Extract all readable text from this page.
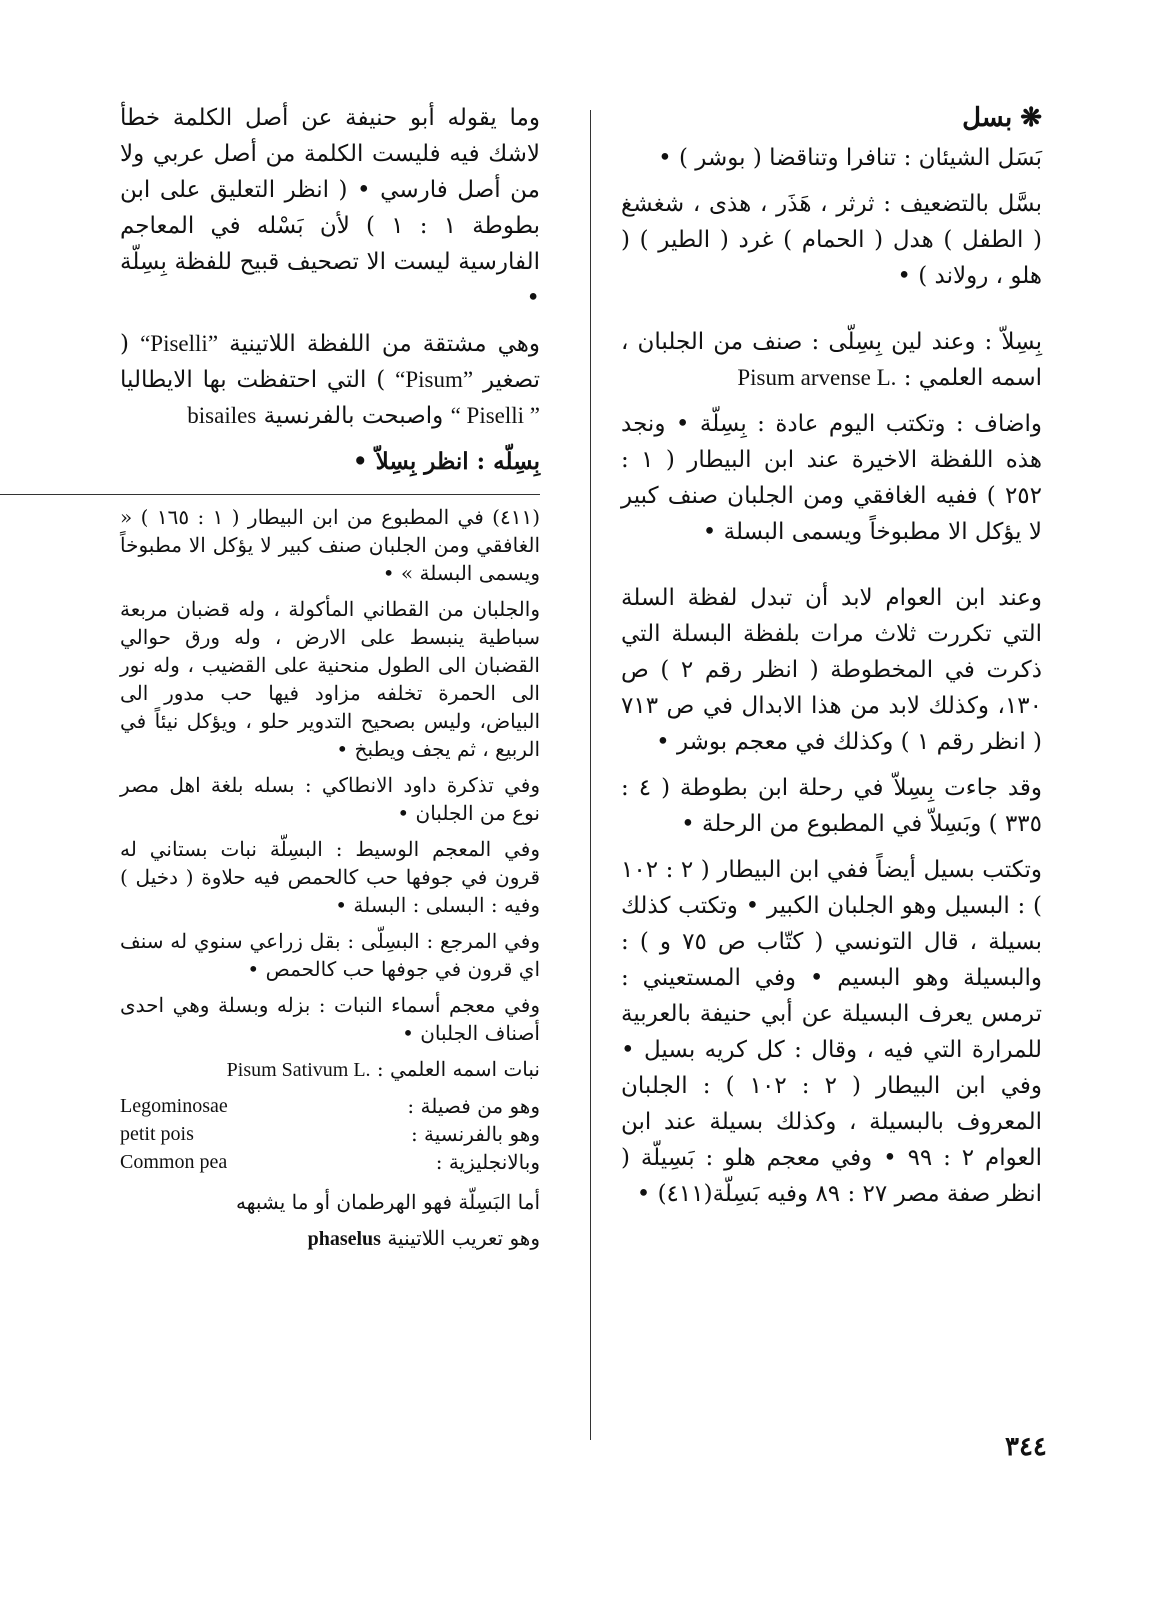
❋بسل

بَسَل الشيئان : تنافرا وتناقضا ( بوشر ) •

بسَّل بالتضعيف : ثرثر ، هَذَر ، هذى ، شغشغ ( الطفل ) هدل ( الحمام ) غرد ( الطير ) ( هلو ، رولاند ) •

بِسِلاّ : وعند لين بِسِلّى : صنف من الجلبان ، اسمه العلمي : Pisum arvense L.

واضاف : وتكتب اليوم عادة : بِسِلّة • ونجد هذه اللفظة الاخيرة عند ابن البيطار ( ١ : ٢٥٢ ) ففيه الغافقي ومن الجلبان صنف كبير لا يؤكل الا مطبوخاً ويسمى البسلة •

وعند ابن العوام لابد أن تبدل لفظة السلة التي تكررت ثلاث مرات بلفظة البسلة التي ذكرت في المخطوطة ( انظر رقم ٢ ) ص ١٣٠، وكذلك لابد من هذا الابدال في ص ٧١٣ ( انظر رقم ١ ) وكذلك في معجم بوشر •

وقد جاءت بِسِلاّ في رحلة ابن بطوطة ( ٤ : ٣٣٥ ) وبَسِلاّ في المطبوع من الرحلة •

وتكتب بسيل أيضاً ففي ابن البيطار ( ٢ : ١٠٢ ) : البسيل وهو الجلبان الكبير • وتكتب كذلك بسيلة ، قال التونسي ( كتّاب ص ٧٥ و ) : والبسيلة وهو البسيم • وفي المستعيني : ترمس يعرف البسيلة عن أبي حنيفة بالعربية للمرارة التي فيه ، وقال : كل كريه بسيل • وفي ابن البيطار ( ٢ : ١٠٢ ) : الجلبان المعروف بالبسيلة ، وكذلك بسيلة عند ابن العوام ٢ : ٩٩ • وفي معجم هلو : بَسِيلّة ( انظر صفة مصر ٢٧ : ٨٩ وفيه بَسِلّة(٤١١) •

وما يقوله أبو حنيفة عن أصل الكلمة خطأ لاشك فيه فليست الكلمة من أصل عربي ولا من أصل فارسي • ( انظر التعليق على ابن بطوطة ١ : ١ ) لأن بَسْله في المعاجم الفارسية ليست الا تصحيف قبيح للفظة بِسِلّة •

وهي مشتقة من اللفظة اللاتينية “Piselli” ( تصغير “Pisum” ) التي احتفظت بها الايطاليا “ Piselli ” واصبحت بالفرنسية bisailes

بِسِلّه : انظر بِسِلاّ •

(٤١١) في المطبوع من ابن البيطار ( ١ : ١٦٥ ) « الغافقي ومن الجلبان صنف كبير لا يؤكل الا مطبوخاً ويسمى البسلة » •

والجلبان من القطاني المأكولة ، وله قضبان مربعة سباطية ينبسط على الارض ، وله ورق حوالي القضبان الى الطول منحنية على القضيب ، وله نور الى الحمرة تخلفه مزاود فيها حب مدور الى البياض، وليس بصحيح التدوير حلو ، ويؤكل نيئاً في الربيع ، ثم يجف ويطبخ •

وفي تذكرة داود الانطاكي : بسله بلغة اهل مصر نوع من الجلبان •

وفي المعجم الوسيط : البسِلّة نبات بستاني له قرون في جوفها حب كالحمص فيه حلاوة ( دخيل ) وفيه : البسلى : البسلة •

وفي المرجع : البسِلّى : بقل زراعي سنوي له سنف اي قرون في جوفها حب كالحمص •

وفي معجم أسماء النبات : بزله وبسلة وهي احدى أصناف الجلبان •

نبات اسمه العلمي : Pisum Sativum L.

وهو من فصيلة :	Legominosae
وهو بالفرنسية :	petit pois
وبالانجليزية :	Common pea

أما البَسِلّة فهو الهرطمان أو ما يشبهه

وهو تعريب اللاتينية phaselus

٣٤٤
